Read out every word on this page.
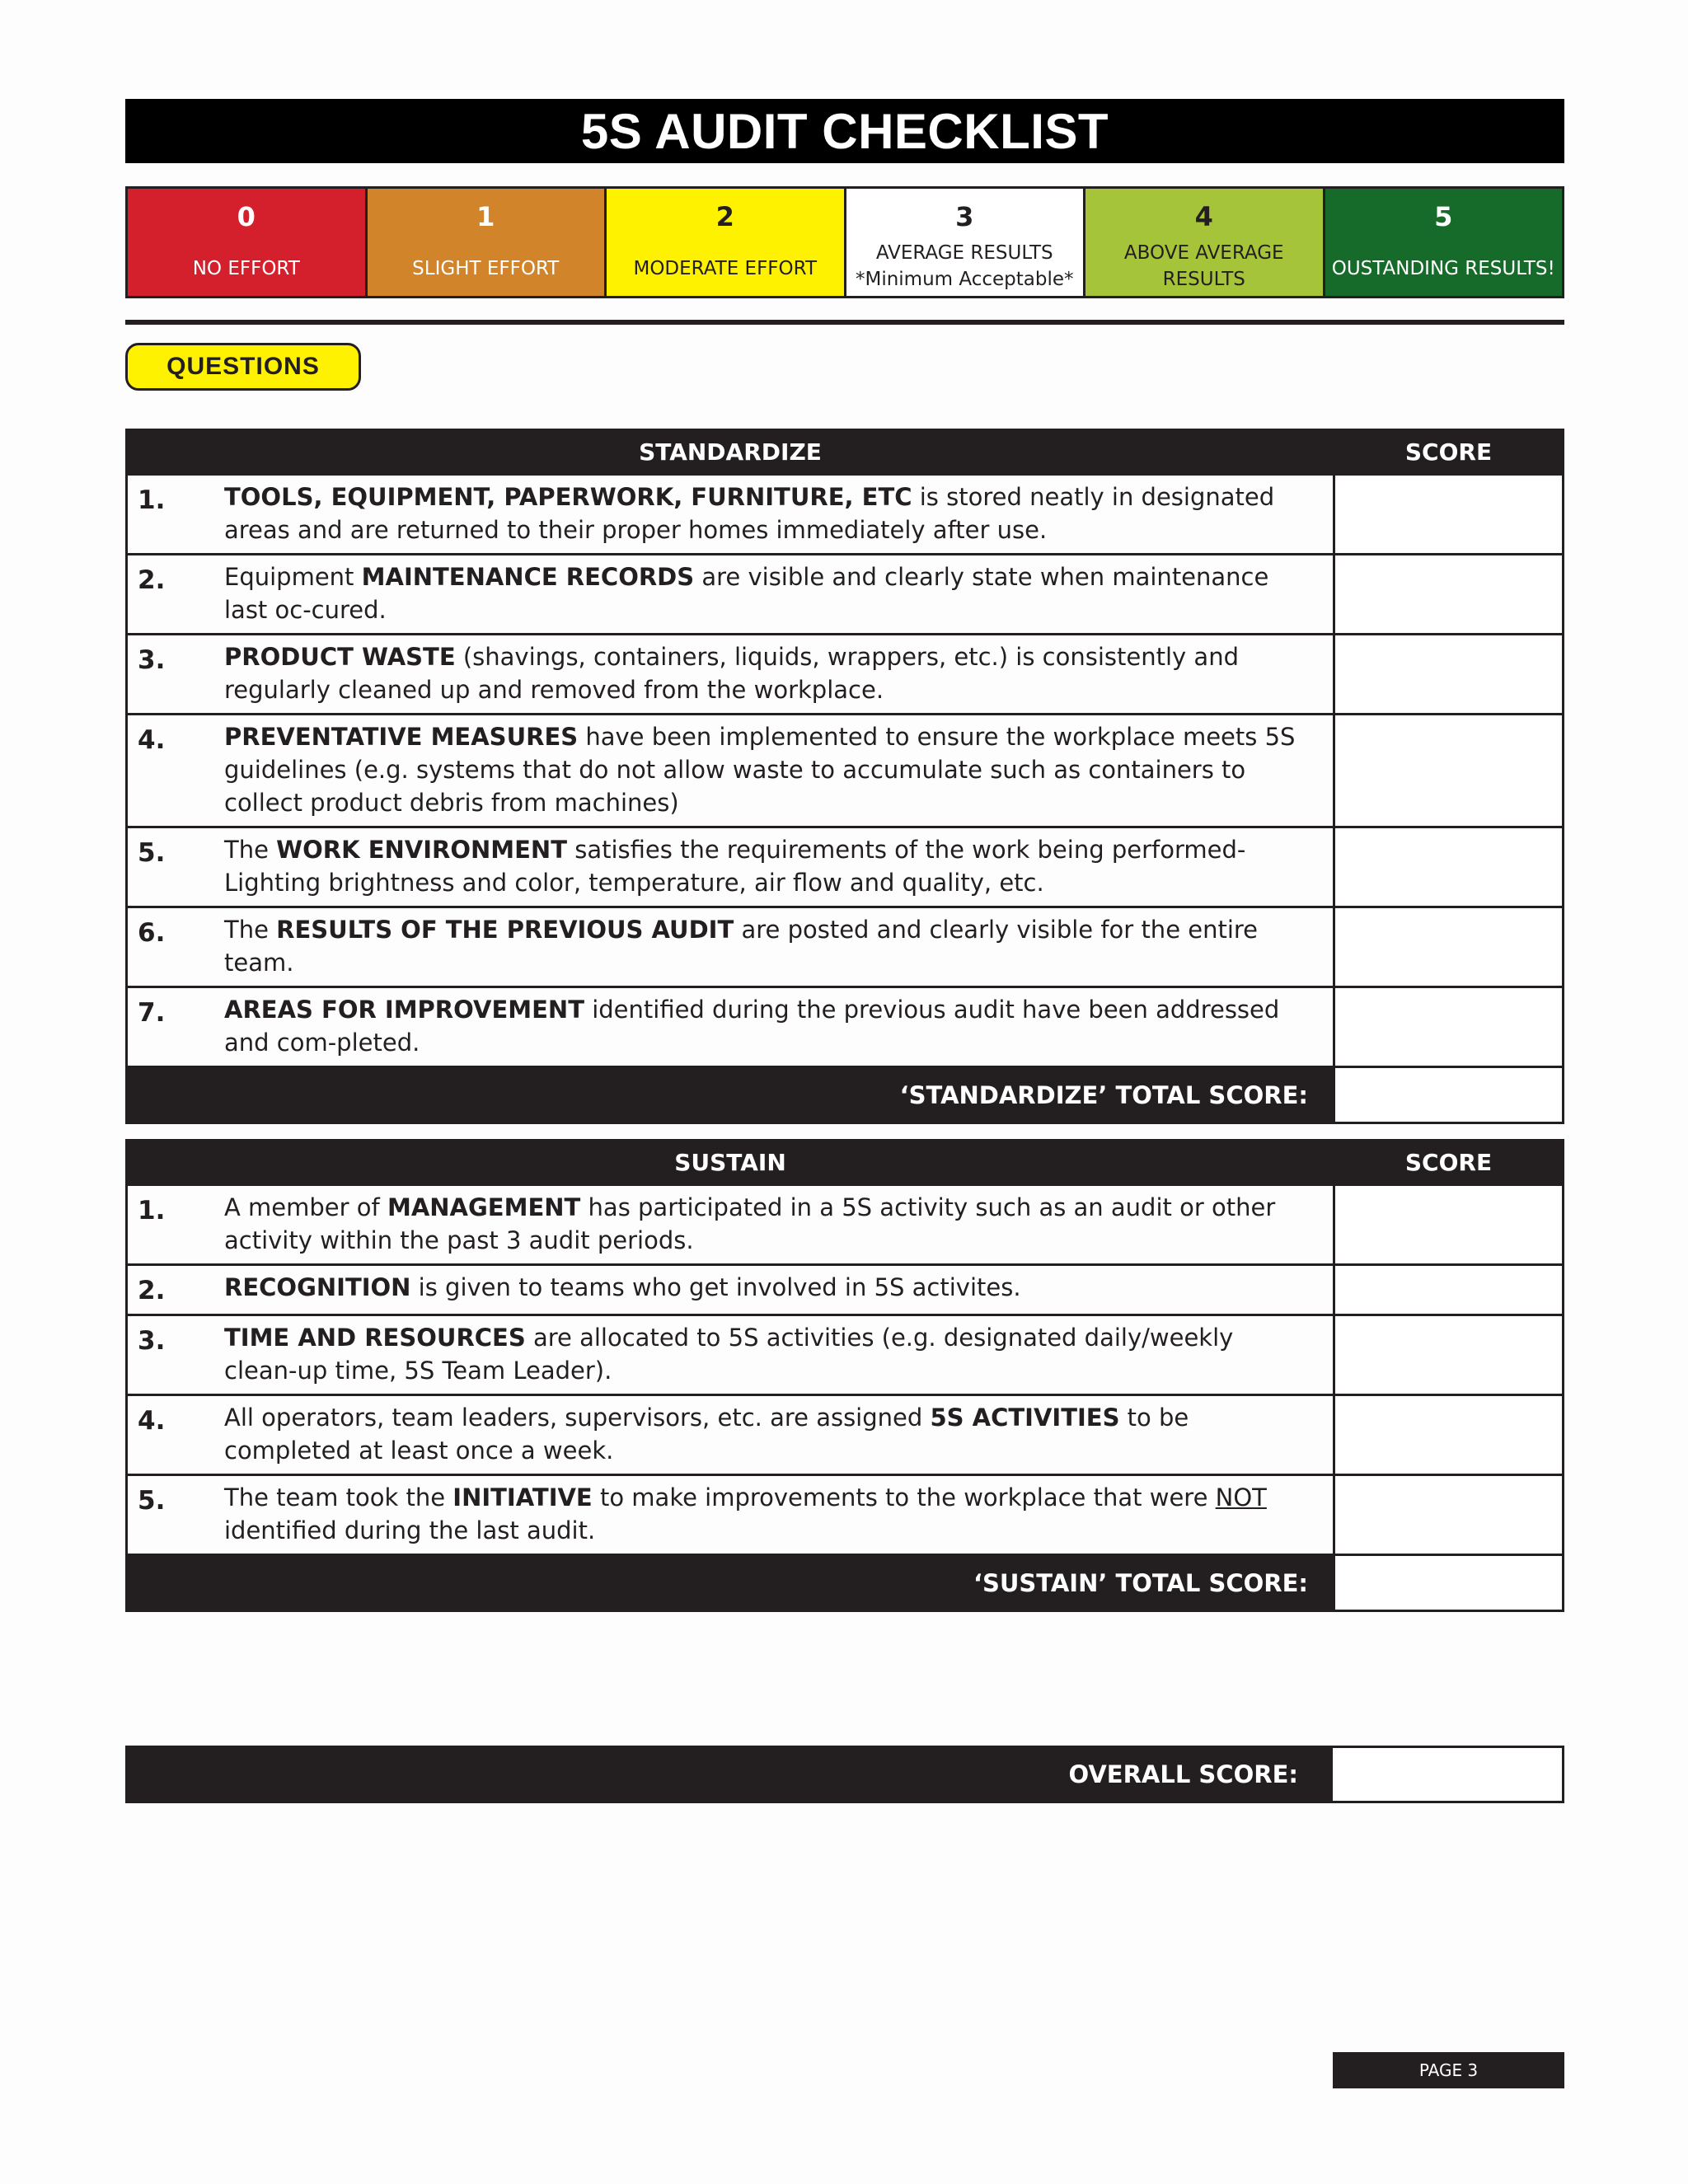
5S AUDIT CHECKLIST
0
NO EFFORT
1
SLIGHT EFFORT
2
MODERATE EFFORT
3
AVERAGE RESULTS
*Minimum Acceptable*
4
ABOVE AVERAGE
RESULTS
5
OUSTANDING RESULTS!
QUESTIONS
STANDARDIZE	SCORE

1. TOOLS, EQUIPMENT, PAPERWORK, FURNITURE, ETC is stored neatly in designated areas and are returned to their proper homes immediately after use.	

2. Equipment MAINTENANCE RECORDS are visible and clearly state when maintenance last oc-cured.	

3. PRODUCT WASTE (shavings, containers, liquids, wrappers, etc.) is consistently and regularly cleaned up and removed from the workplace.	

4. PREVENTATIVE MEASURES have been implemented to ensure the workplace meets 5S guidelines (e.g. systems that do not allow waste to accumulate such as containers to collect product debris from machines)	

5. The WORK ENVIRONMENT satisfies the requirements of the work being performed- Lighting brightness and color, temperature, air flow and quality, etc.	

6. The RESULTS OF THE PREVIOUS AUDIT are posted and clearly visible for the entire team.	

7. AREAS FOR IMPROVEMENT identified during the previous audit have been addressed and com-pleted.	

‘STANDARDIZE’ TOTAL SCORE:	
SUSTAIN	SCORE

1. A member of MANAGEMENT has participated in a 5S activity such as an audit or other activity within the past 3 audit periods.	

2. RECOGNITION is given to teams who get involved in 5S activites.	

3. TIME AND RESOURCES are allocated to 5S activities (e.g. designated daily/weekly clean-up time, 5S Team Leader).	

4. All operators, team leaders, supervisors, etc. are assigned 5S ACTIVITIES to be completed at least once a week.	

5. The team took the INITIATIVE to make improvements to the workplace that were NOT identified during the last audit.	

‘SUSTAIN’ TOTAL SCORE:	
OVERALL SCORE:
PAGE 3
